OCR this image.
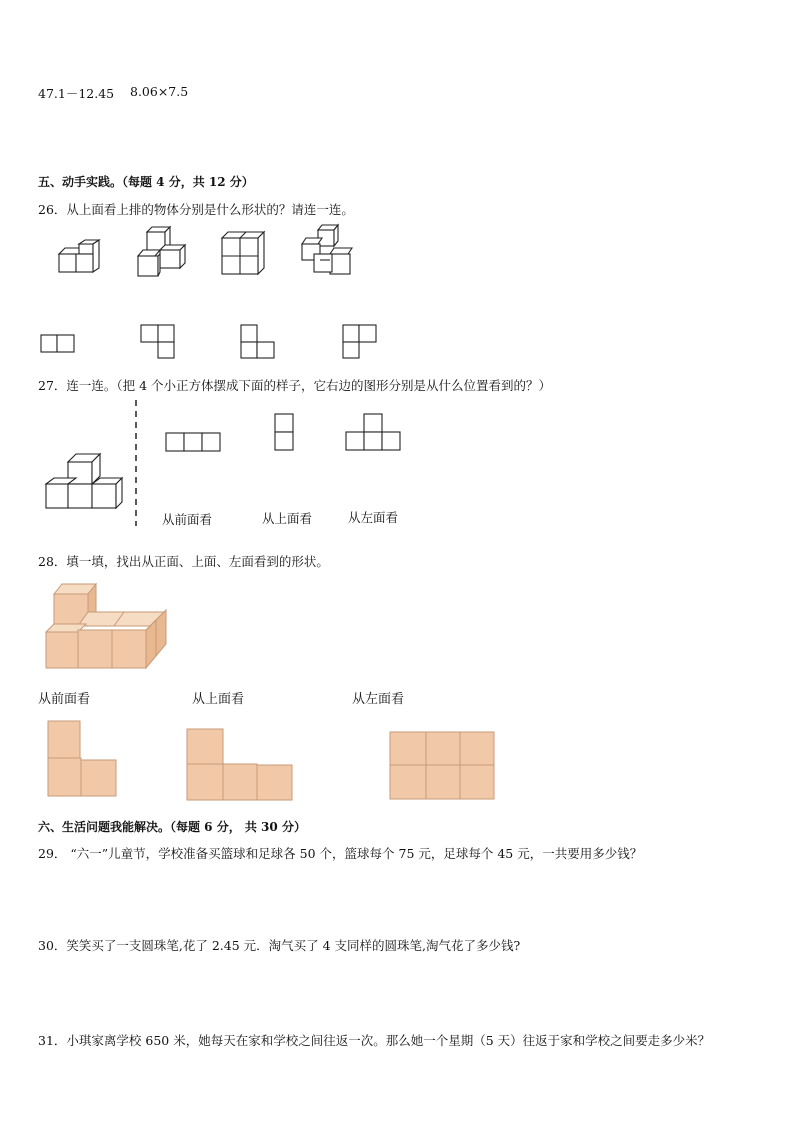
47.1－12.45 8.06×7.5
五、动手实践。（每题 4 分，共 12 分）
26．从上面看上排的物体分别是什么形状的？请连一连。
27．连一连。（把 4 个小正方体摆成下面的样子，它右边的图形分别是从什么位置看到的？）
从前面看	从上面看	从左面看
28．填一填，找出从正面、上面、左面看到的形状。
从前面看	从上面看	从左面看
六、生活问题我能解决。（每题 6 分， 共 30 分）
29． “六一”儿童节，学校准备买篮球和足球各 50 个，篮球每个 75 元，足球每个 45 元，一共要用多少钱？
30．笑笑买了一支圆珠笔,花了 2.45 元．淘气买了 4 支同样的圆珠笔,淘气花了多少钱?
31．小琪家离学校 650 米，她每天在家和学校之间往返一次。那么她一个星期（5 天）往返于家和学校之间要走多少米？
